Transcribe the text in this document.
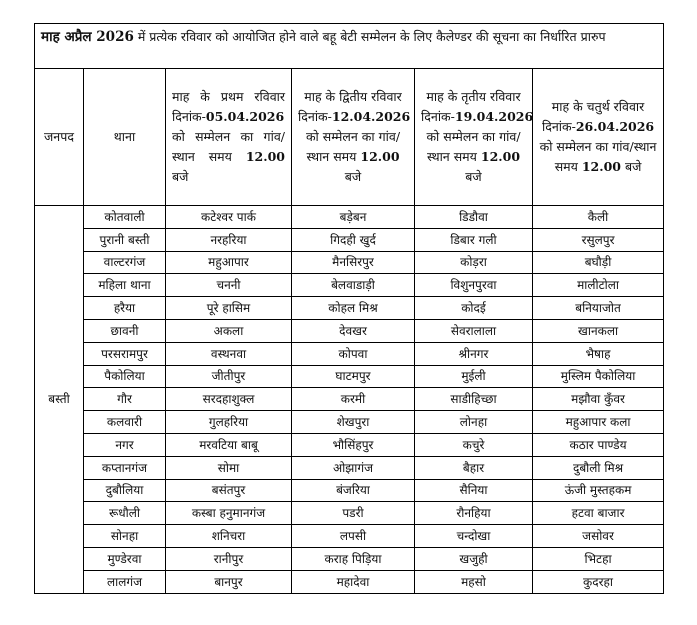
माह अप्रैल 2026 में प्रत्येक रविवार को आयोजित होने वाले बहू बेटी सम्मेलन के लिए कैलेण्डर की सूचना का निर्धारित प्रारुप					
जनपद	थाना	माह के प्रथम रविवार दिनांक-05.04.2026 को सम्मेलन का गांव/स्थान समय 12.00 बजे	माह के द्वितीय रविवार दिनांक-12.04.2026 को सम्मेलन का गांव/स्थान समय 12.00 बजे	माह के तृतीय रविवार दिनांक-19.04.2026 को सम्मेलन का गांव/स्थान समय 12.00 बजे	माह के चतुर्थ रविवार दिनांक-26.04.2026 को सम्मेलन का गांव/स्थान समय 12.00 बजे
बस्ती	कोतवाली	कटेश्वर पार्क	बड़ेबन	डिडौवा	कैली
	पुरानी बस्ती	नरहरिया	गिदही खुर्द	डिबार गली	रसुलपुर
	वाल्टरगंज	महुआपार	मैनसिरपुर	कोड़रा	बघौड़ी
	महिला थाना	चननी	बेलवाडाड़ी	विशुनपुरवा	मालीटोला
	हरैया	पूरे हासिम	कोहल मिश्र	कोदई	बनियाजोत
	छावनी	अकला	देवखर	सेवरालाला	खानकला
	परसरामपुर	वस्थनवा	कोपवा	श्रीनगर	भैषाह
	पैकोलिया	जीतीपुर	घाटमपुर	मुईली	मुस्लिम पैकोलिया
	गौर	सरदहाशुक्ल	करमी	साडीहिच्छा	मझौवा कुँवर
	कलवारी	गुलहरिया	शेखपुरा	लोनहा	महुआपार कला
	नगर	मरवटिया बाबू	भौसिंहपुर	कचुरे	कठार पाण्डेय
	कप्तानगंज	सोमा	ओझागंज	बैहार	दुबौली मिश्र
	दुबौलिया	बसंतपुर	बंजरिया	सैनिया	ऊंजी मुस्तहकम
	रूधौली	कस्बा हनुमानगंज	पडरी	रौनहिया	हटवा बाजार
	सोनहा	शनिचरा	लपसी	चन्दोखा	जसोवर
	मुण्डेरवा	रानीपुर	कराह पिड़िया	खजुही	भिटहा
	लालगंज	बानपुर	महादेवा	महसो	कुदरहा
